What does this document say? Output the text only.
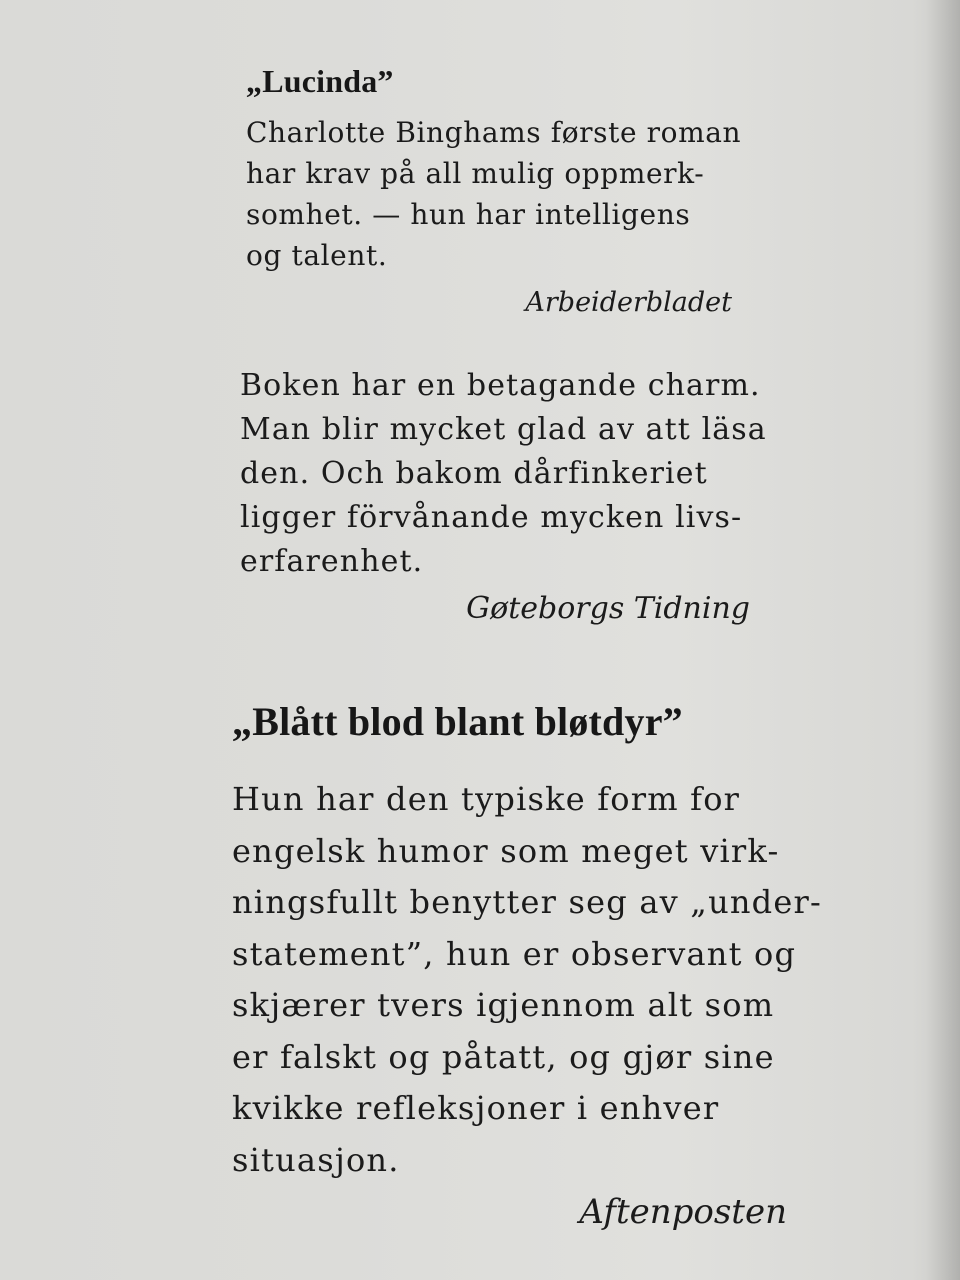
„Lucinda”
Charlotte Binghams første roman
har krav på all mulig oppmerk-
somhet. — hun har intelligens
og talent.
Arbeiderbladet
Boken har en betagande charm.
Man blir mycket glad av att läsa
den. Och bakom dårfinkeriet
ligger förvånande mycken livs-
erfarenhet.
Gøteborgs Tidning
„Blått blod blant bløtdyr”
Hun har den typiske form for
engelsk humor som meget virk-
ningsfullt benytter seg av „under-
statement”, hun er observant og
skjærer tvers igjennom alt som
er falskt og påtatt, og gjør sine
kvikke refleksjoner i enhver
situasjon.
Aftenposten
